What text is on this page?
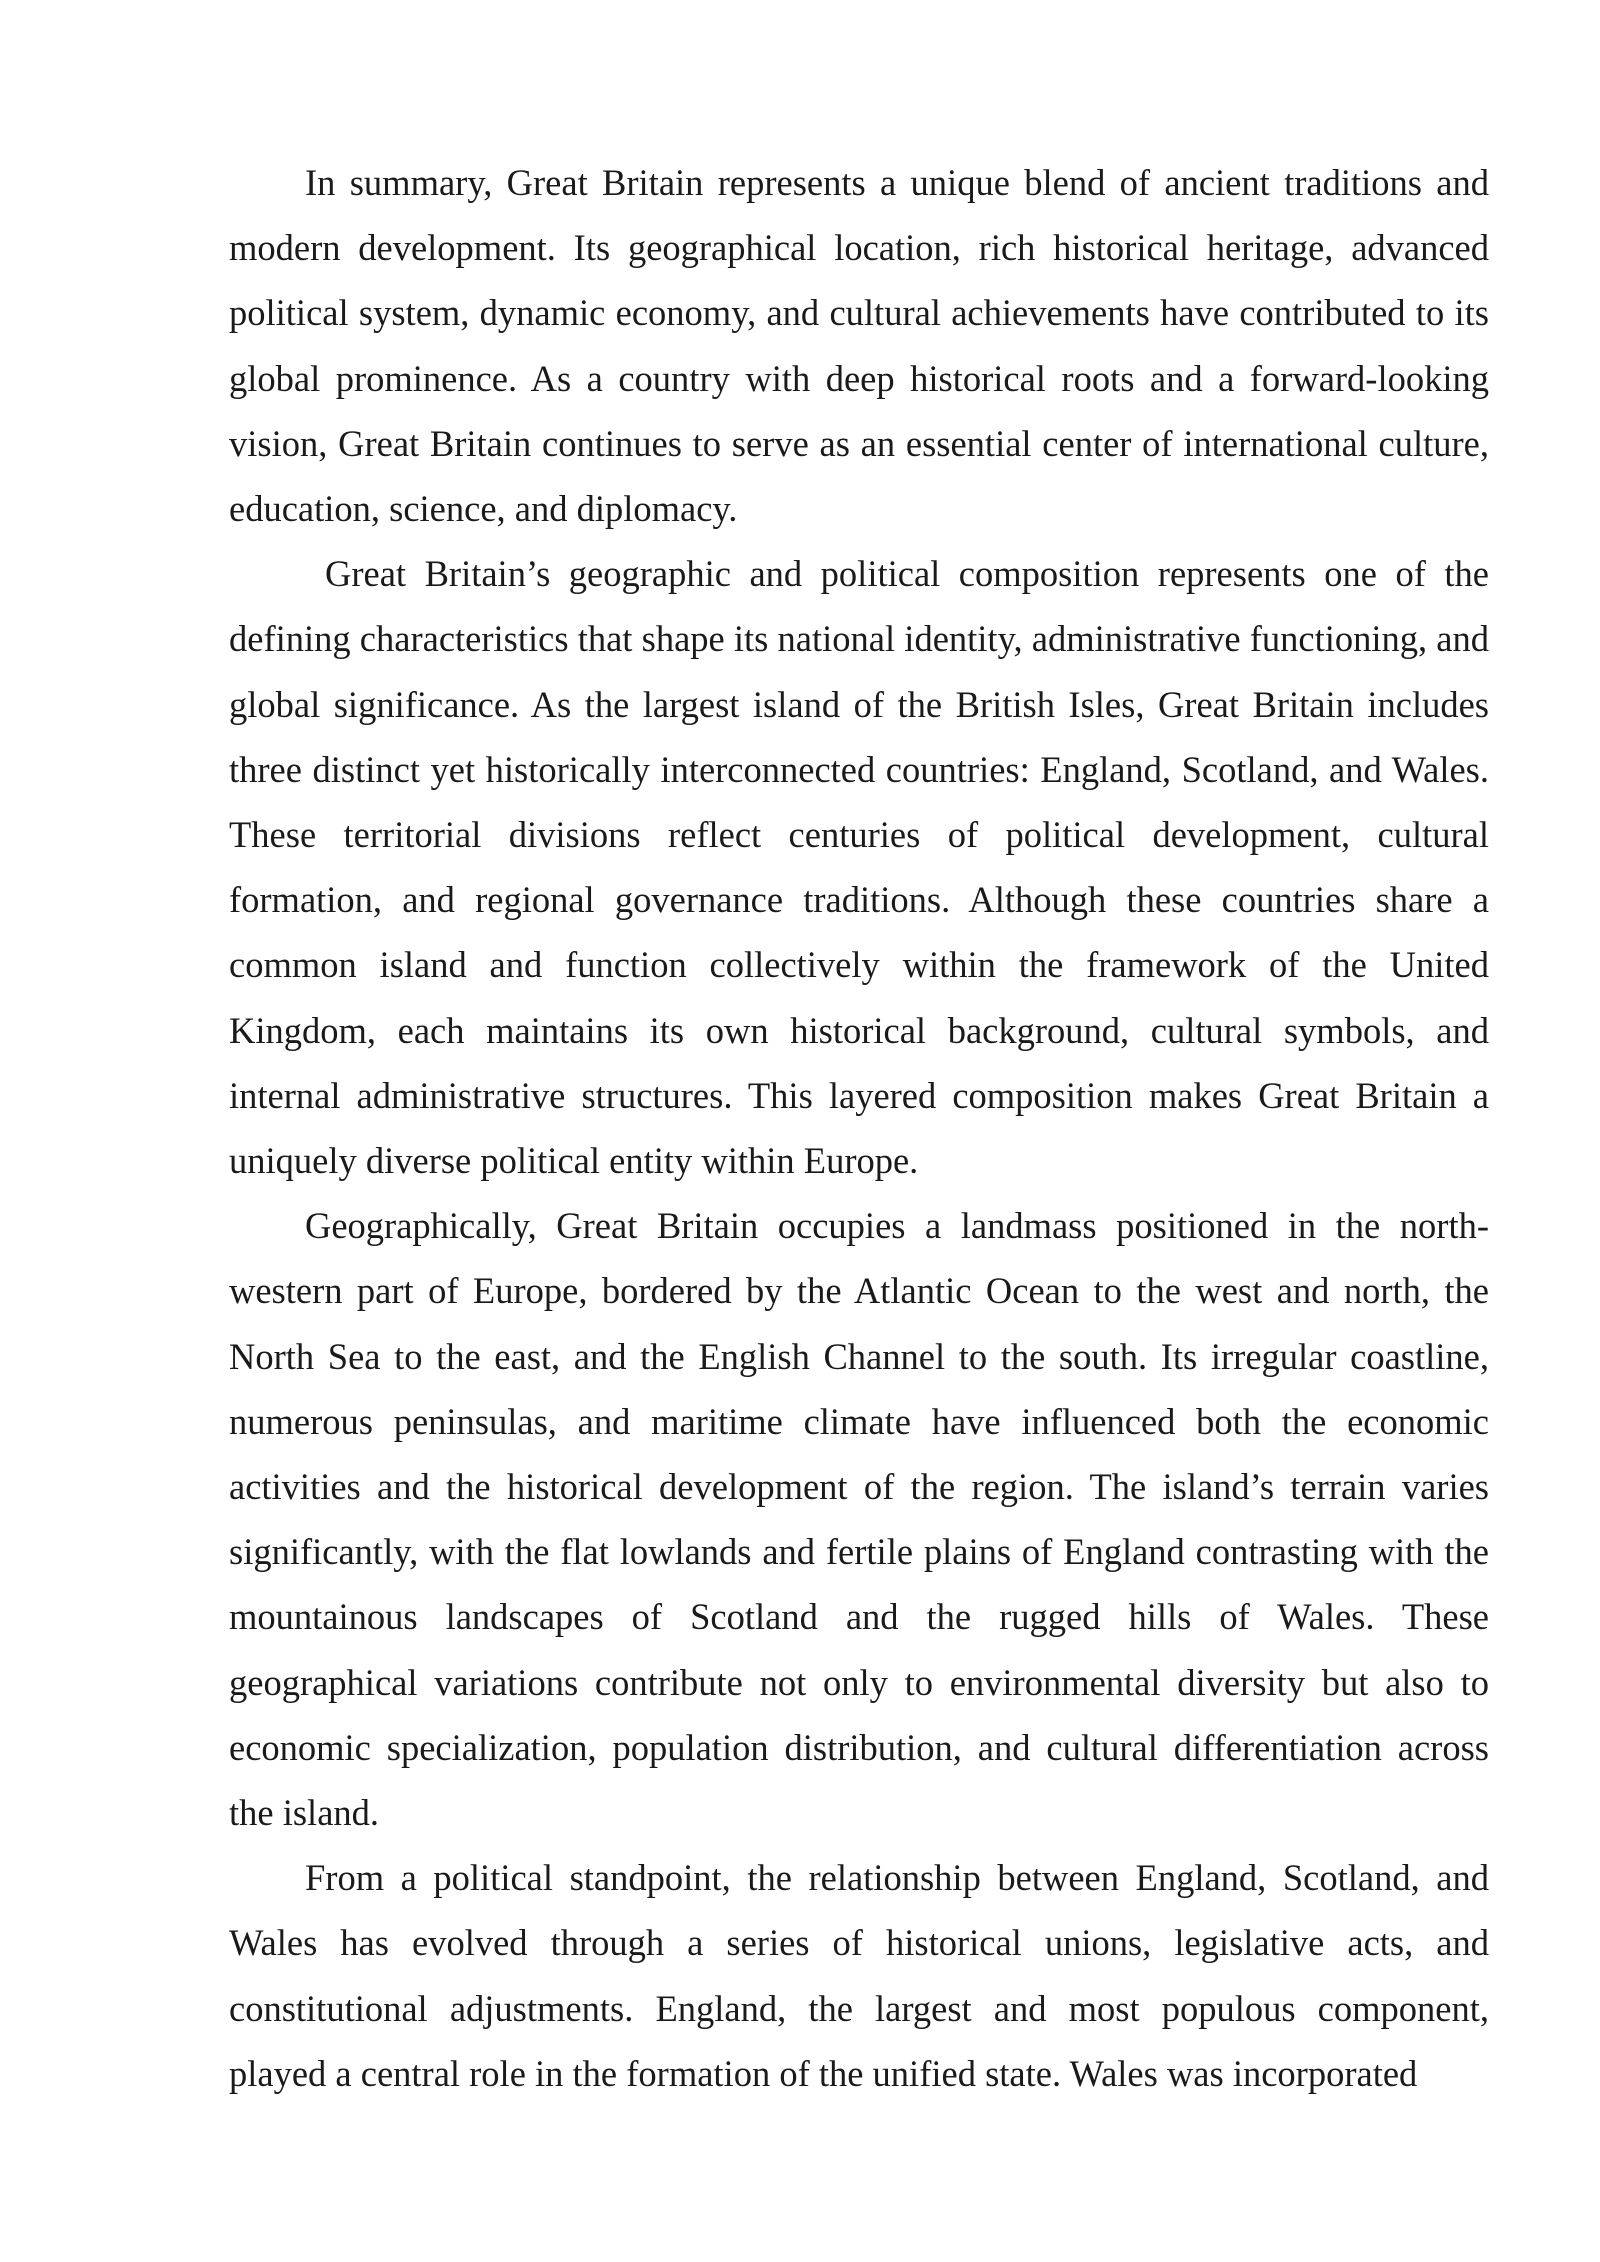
In summary, Great Britain represents a unique blend of ancient traditions and modern development. Its geographical location, rich historical heritage, advanced political system, dynamic economy, and cultural achievements have contributed to its global prominence. As a country with deep historical roots and a forward-looking vision, Great Britain continues to serve as an essential center of international culture, education, science, and diplomacy.

Great Britain’s geographic and political composition represents one of the defining characteristics that shape its national identity, administrative functioning, and global significance. As the largest island of the British Isles, Great Britain includes three distinct yet historically interconnected countries: England, Scotland, and Wales. These territorial divisions reflect centuries of political development, cultural formation, and regional governance traditions. Although these countries share a common island and function collectively within the framework of the United Kingdom, each maintains its own historical background, cultural symbols, and internal administrative structures. This layered composition makes Great Britain a uniquely diverse political entity within Europe.

Geographically, Great Britain occupies a landmass positioned in the north-western part of Europe, bordered by the Atlantic Ocean to the west and north, the North Sea to the east, and the English Channel to the south. Its irregular coastline, numerous peninsulas, and maritime climate have influenced both the economic activities and the historical development of the region. The island’s terrain varies significantly, with the flat lowlands and fertile plains of England contrasting with the mountainous landscapes of Scotland and the rugged hills of Wales. These geographical variations contribute not only to environmental diversity but also to economic specialization, population distribution, and cultural differentiation across the island.

From a political standpoint, the relationship between England, Scotland, and Wales has evolved through a series of historical unions, legislative acts, and constitutional adjustments. England, the largest and most populous component, played a central role in the formation of the unified state. Wales was incorporated
